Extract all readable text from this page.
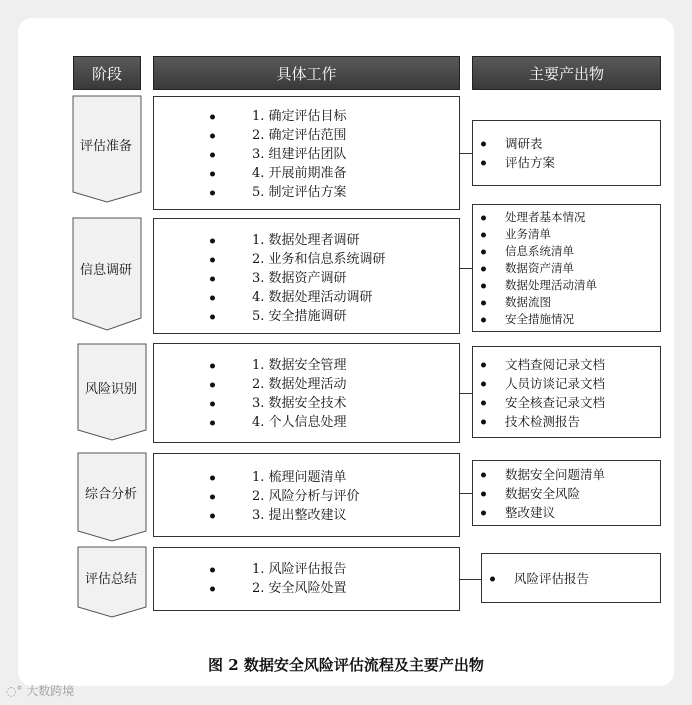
阶段	具体工作	主要产出物
评估准备
1. 确定评估目标
2. 确定评估范围
3. 组建评估团队
4. 开展前期准备
5. 制定评估方案
调研表
评估方案
信息调研
1. 数据处理者调研
2. 业务和信息系统调研
3. 数据资产调研
4. 数据处理活动调研
5. 安全措施调研
处理者基本情况
业务清单
信息系统清单
数据资产清单
数据处理活动清单
数据流图
安全措施情况
风险识别
1. 数据安全管理
2. 数据处理活动
3. 数据安全技术
4. 个人信息处理
文档查阅记录文档
人员访谈记录文档
安全核查记录文档
技术检测报告
综合分析
1. 梳理问题清单
2. 风险分析与评价
3. 提出整改建议
数据安全问题清单
数据安全风险
整改建议
评估总结
1. 风险评估报告
2. 安全风险处置
风险评估报告
图 2 数据安全风险评估流程及主要产出物
◌° 大数跨境
